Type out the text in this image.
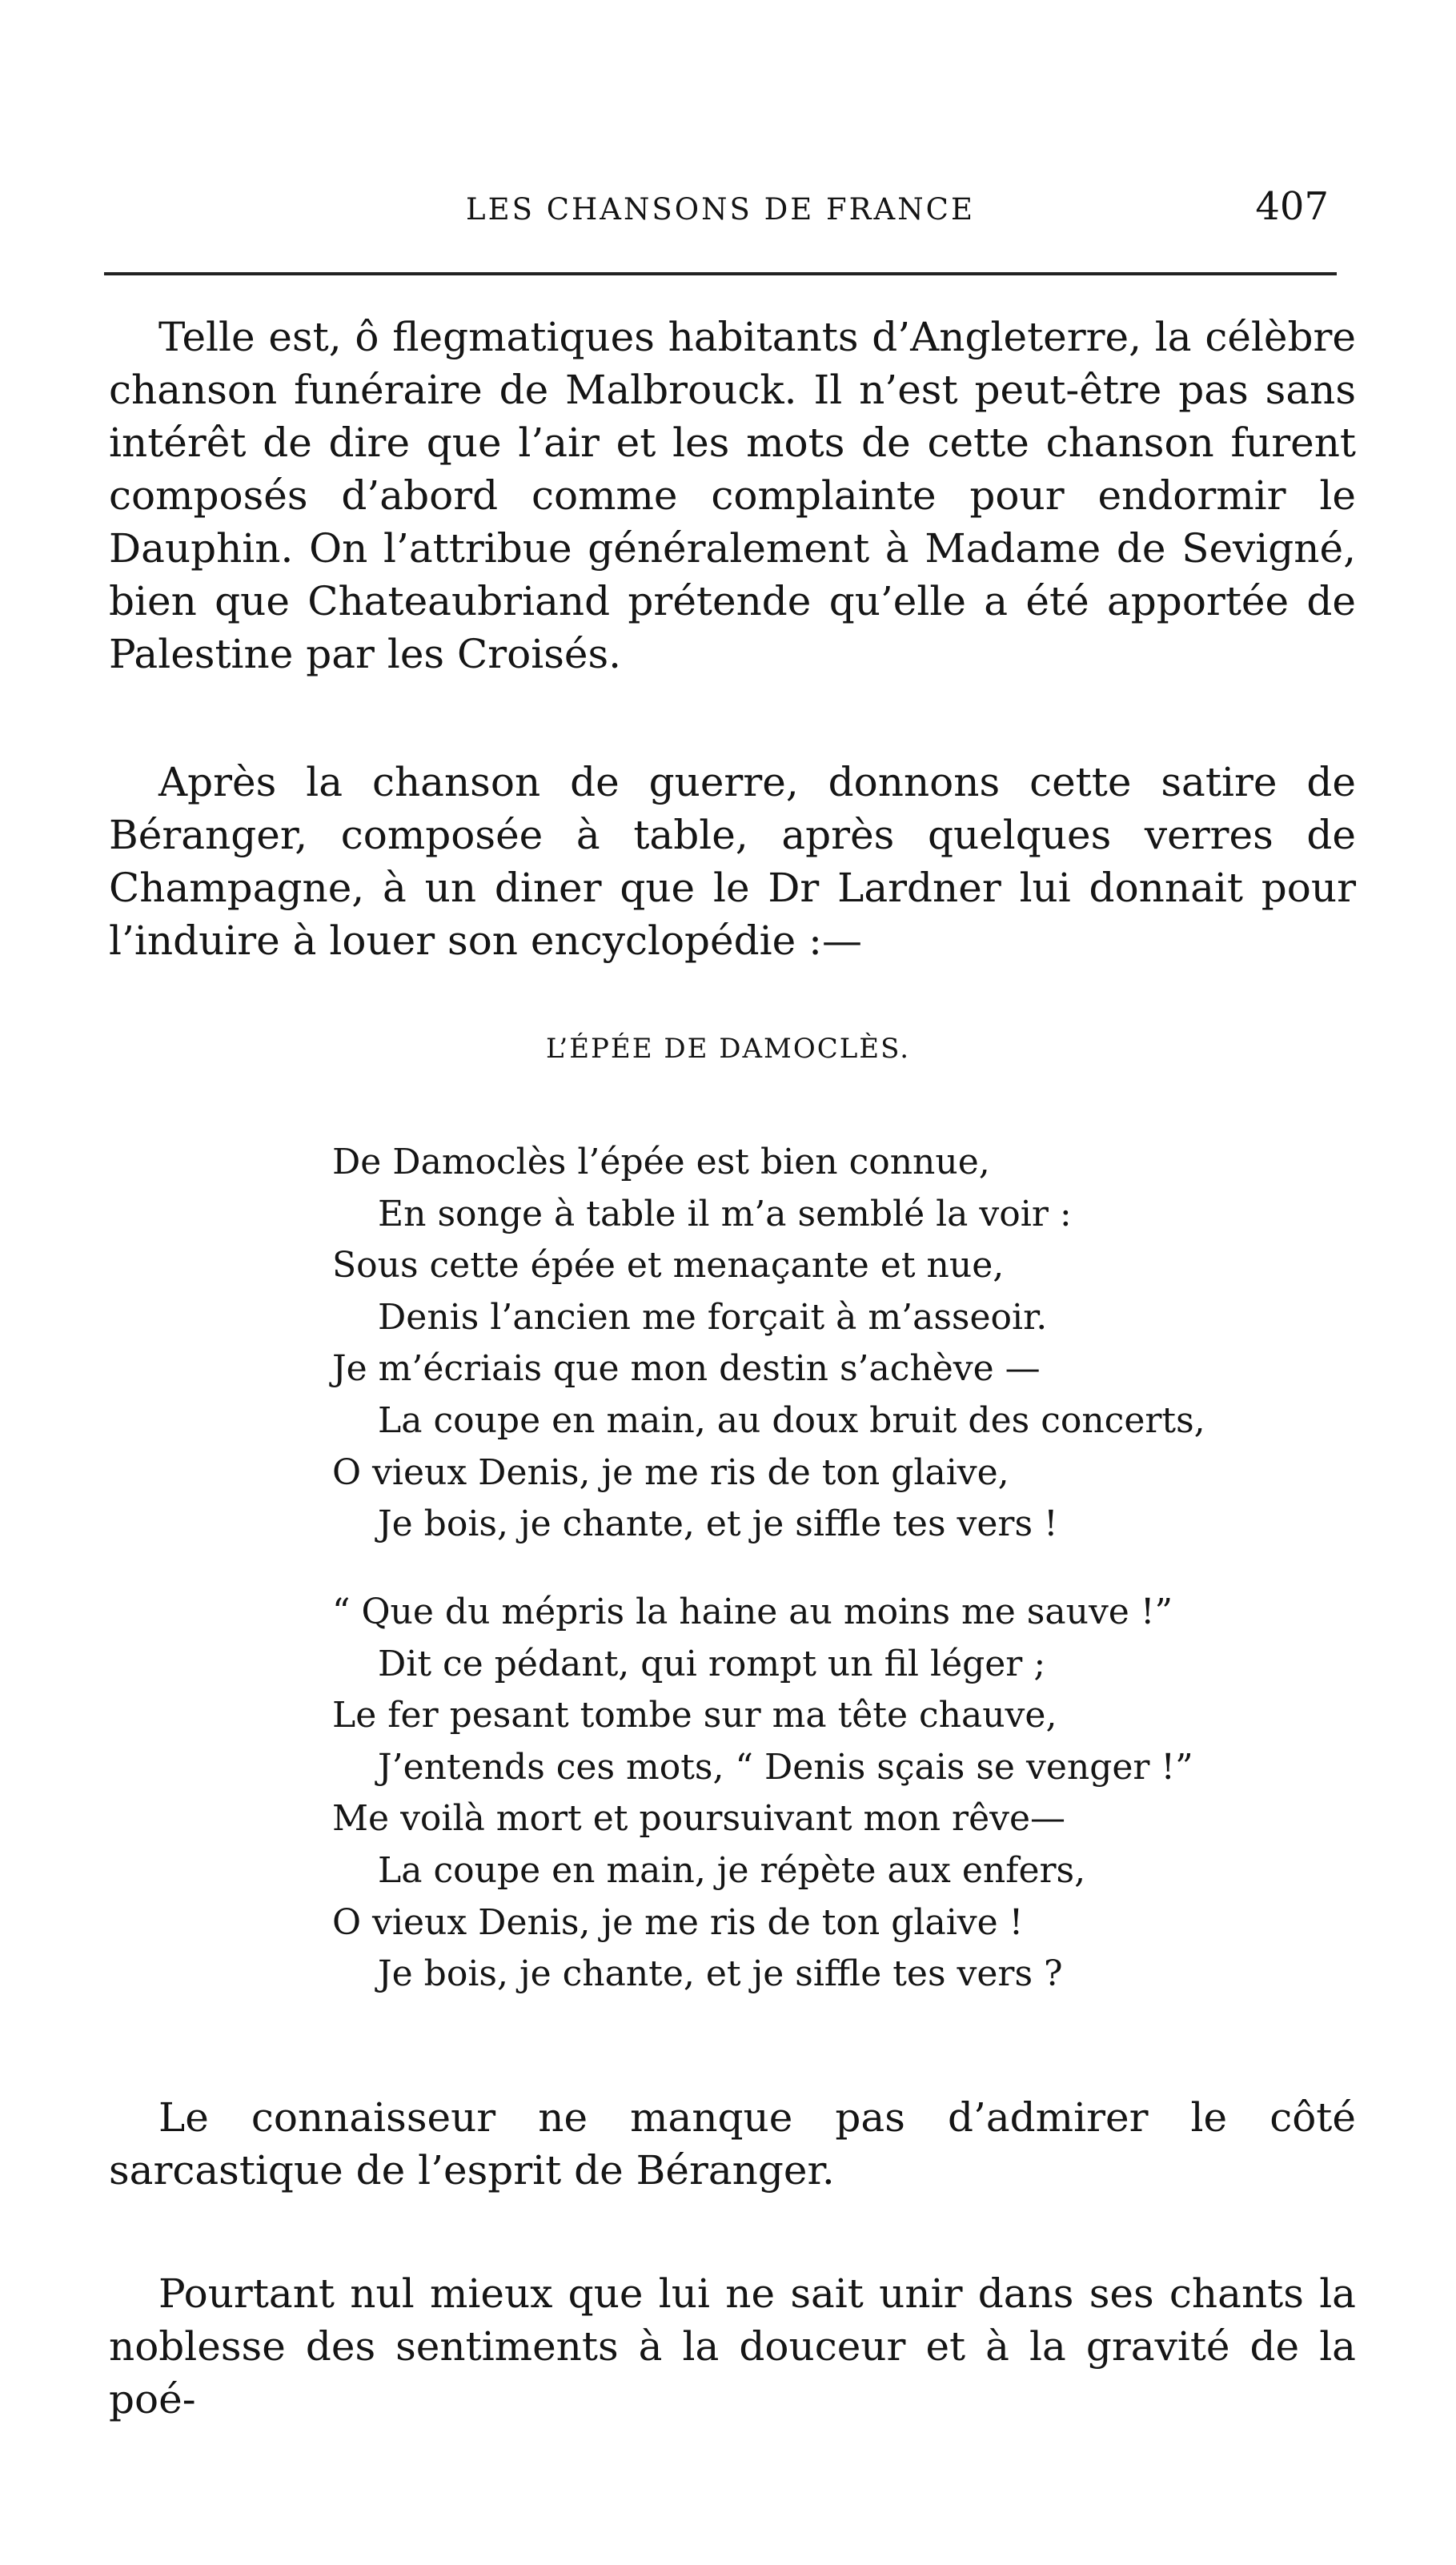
LES CHANSONS DE FRANCE	407

Telle est, ô flegmatiques habitants d’Angleterre, la célèbre chanson funéraire de Malbrouck. Il n’est peut-être pas sans intérêt de dire que l’air et les mots de cette chanson furent composés d’abord comme complainte pour endormir le Dauphin. On l’attribue généralement à Madame de Sevigné, bien que Chateaubriand prétende qu’elle a été apportée de Palestine par les Croisés.

Après la chanson de guerre, donnons cette satire de Béranger, composée à table, après quelques verres de Champagne, à un diner que le Dr Lardner lui donnait pour l’induire à louer son encyclopédie :—

L’ÉPÉE DE DAMOCLÈS.
De Damoclès l’épée est bien connue,
En songe à table il m’a semblé la voir :
Sous cette épée et menaçante et nue,
Denis l’ancien me forçait à m’asseoir.
Je m’écriais que mon destin s’achève —
La coupe en main, au doux bruit des concerts,
O vieux Denis, je me ris de ton glaive,
Je bois, je chante, et je siffle tes vers !
“ Que du mépris la haine au moins me sauve !”
Dit ce pédant, qui rompt un fil léger ;
Le fer pesant tombe sur ma tête chauve,
J’entends ces mots, “ Denis sçais se venger !”
Me voilà mort et poursuivant mon rêve—
La coupe en main, je répète aux enfers,
O vieux Denis, je me ris de ton glaive !
Je bois, je chante, et je siffle tes vers ?

Le connaisseur ne manque pas d’admirer le côté sarcastique de l’esprit de Béranger.

Pourtant nul mieux que lui ne sait unir dans ses chants la noblesse des sentiments à la douceur et à la gravité de la poé-
